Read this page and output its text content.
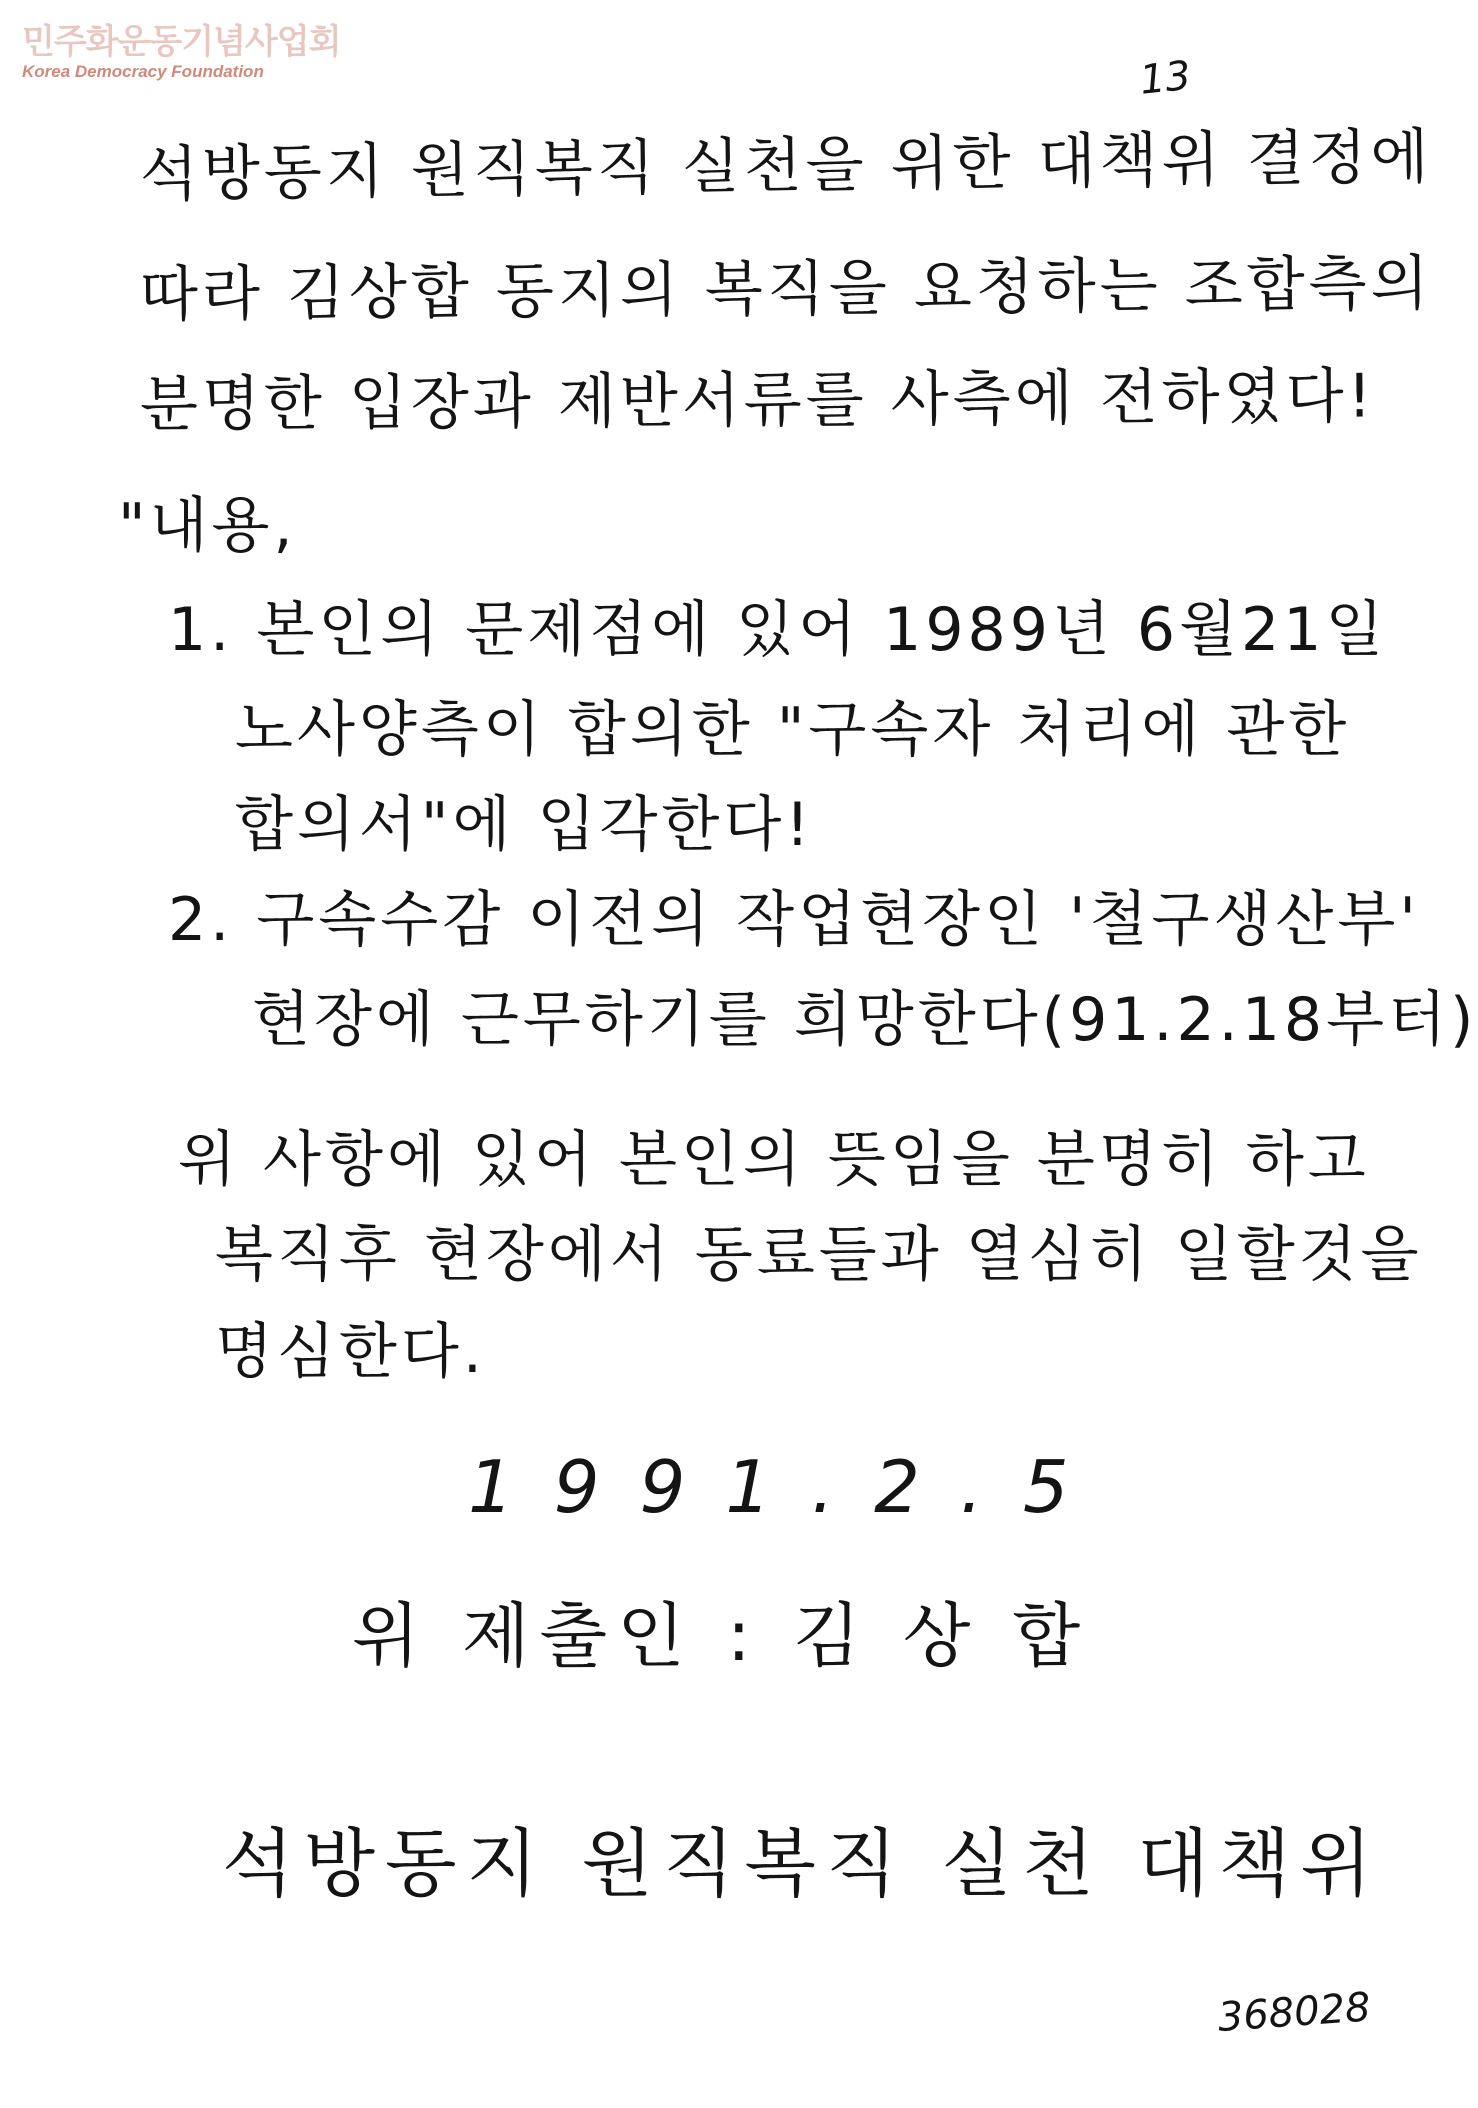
민주화운동기념사업회
Korea Democracy Foundation	13
석방동지 원직복직 실천을 위한 대책위 결정에
따라 김상합 동지의 복직을 요청하는 조합측의
분명한 입장과 제반서류를 사측에 전하였다!
"내용,
1. 본인의 문제점에 있어 1989년 6월21일
노사양측이 합의한 "구속자 처리에 관한
합의서"에 입각한다!
2. 구속수감 이전의 작업현장인 '철구생산부'
현장에 근무하기를 희망한다(91.2.18부터)
위 사항에 있어 본인의 뜻임을 분명히 하고
복직후 현장에서 동료들과 열심히 일할것을
명심한다.
1991.2.5
위 제출인 : 김 상 합
석방동지 원직복직 실천 대책위
368028
